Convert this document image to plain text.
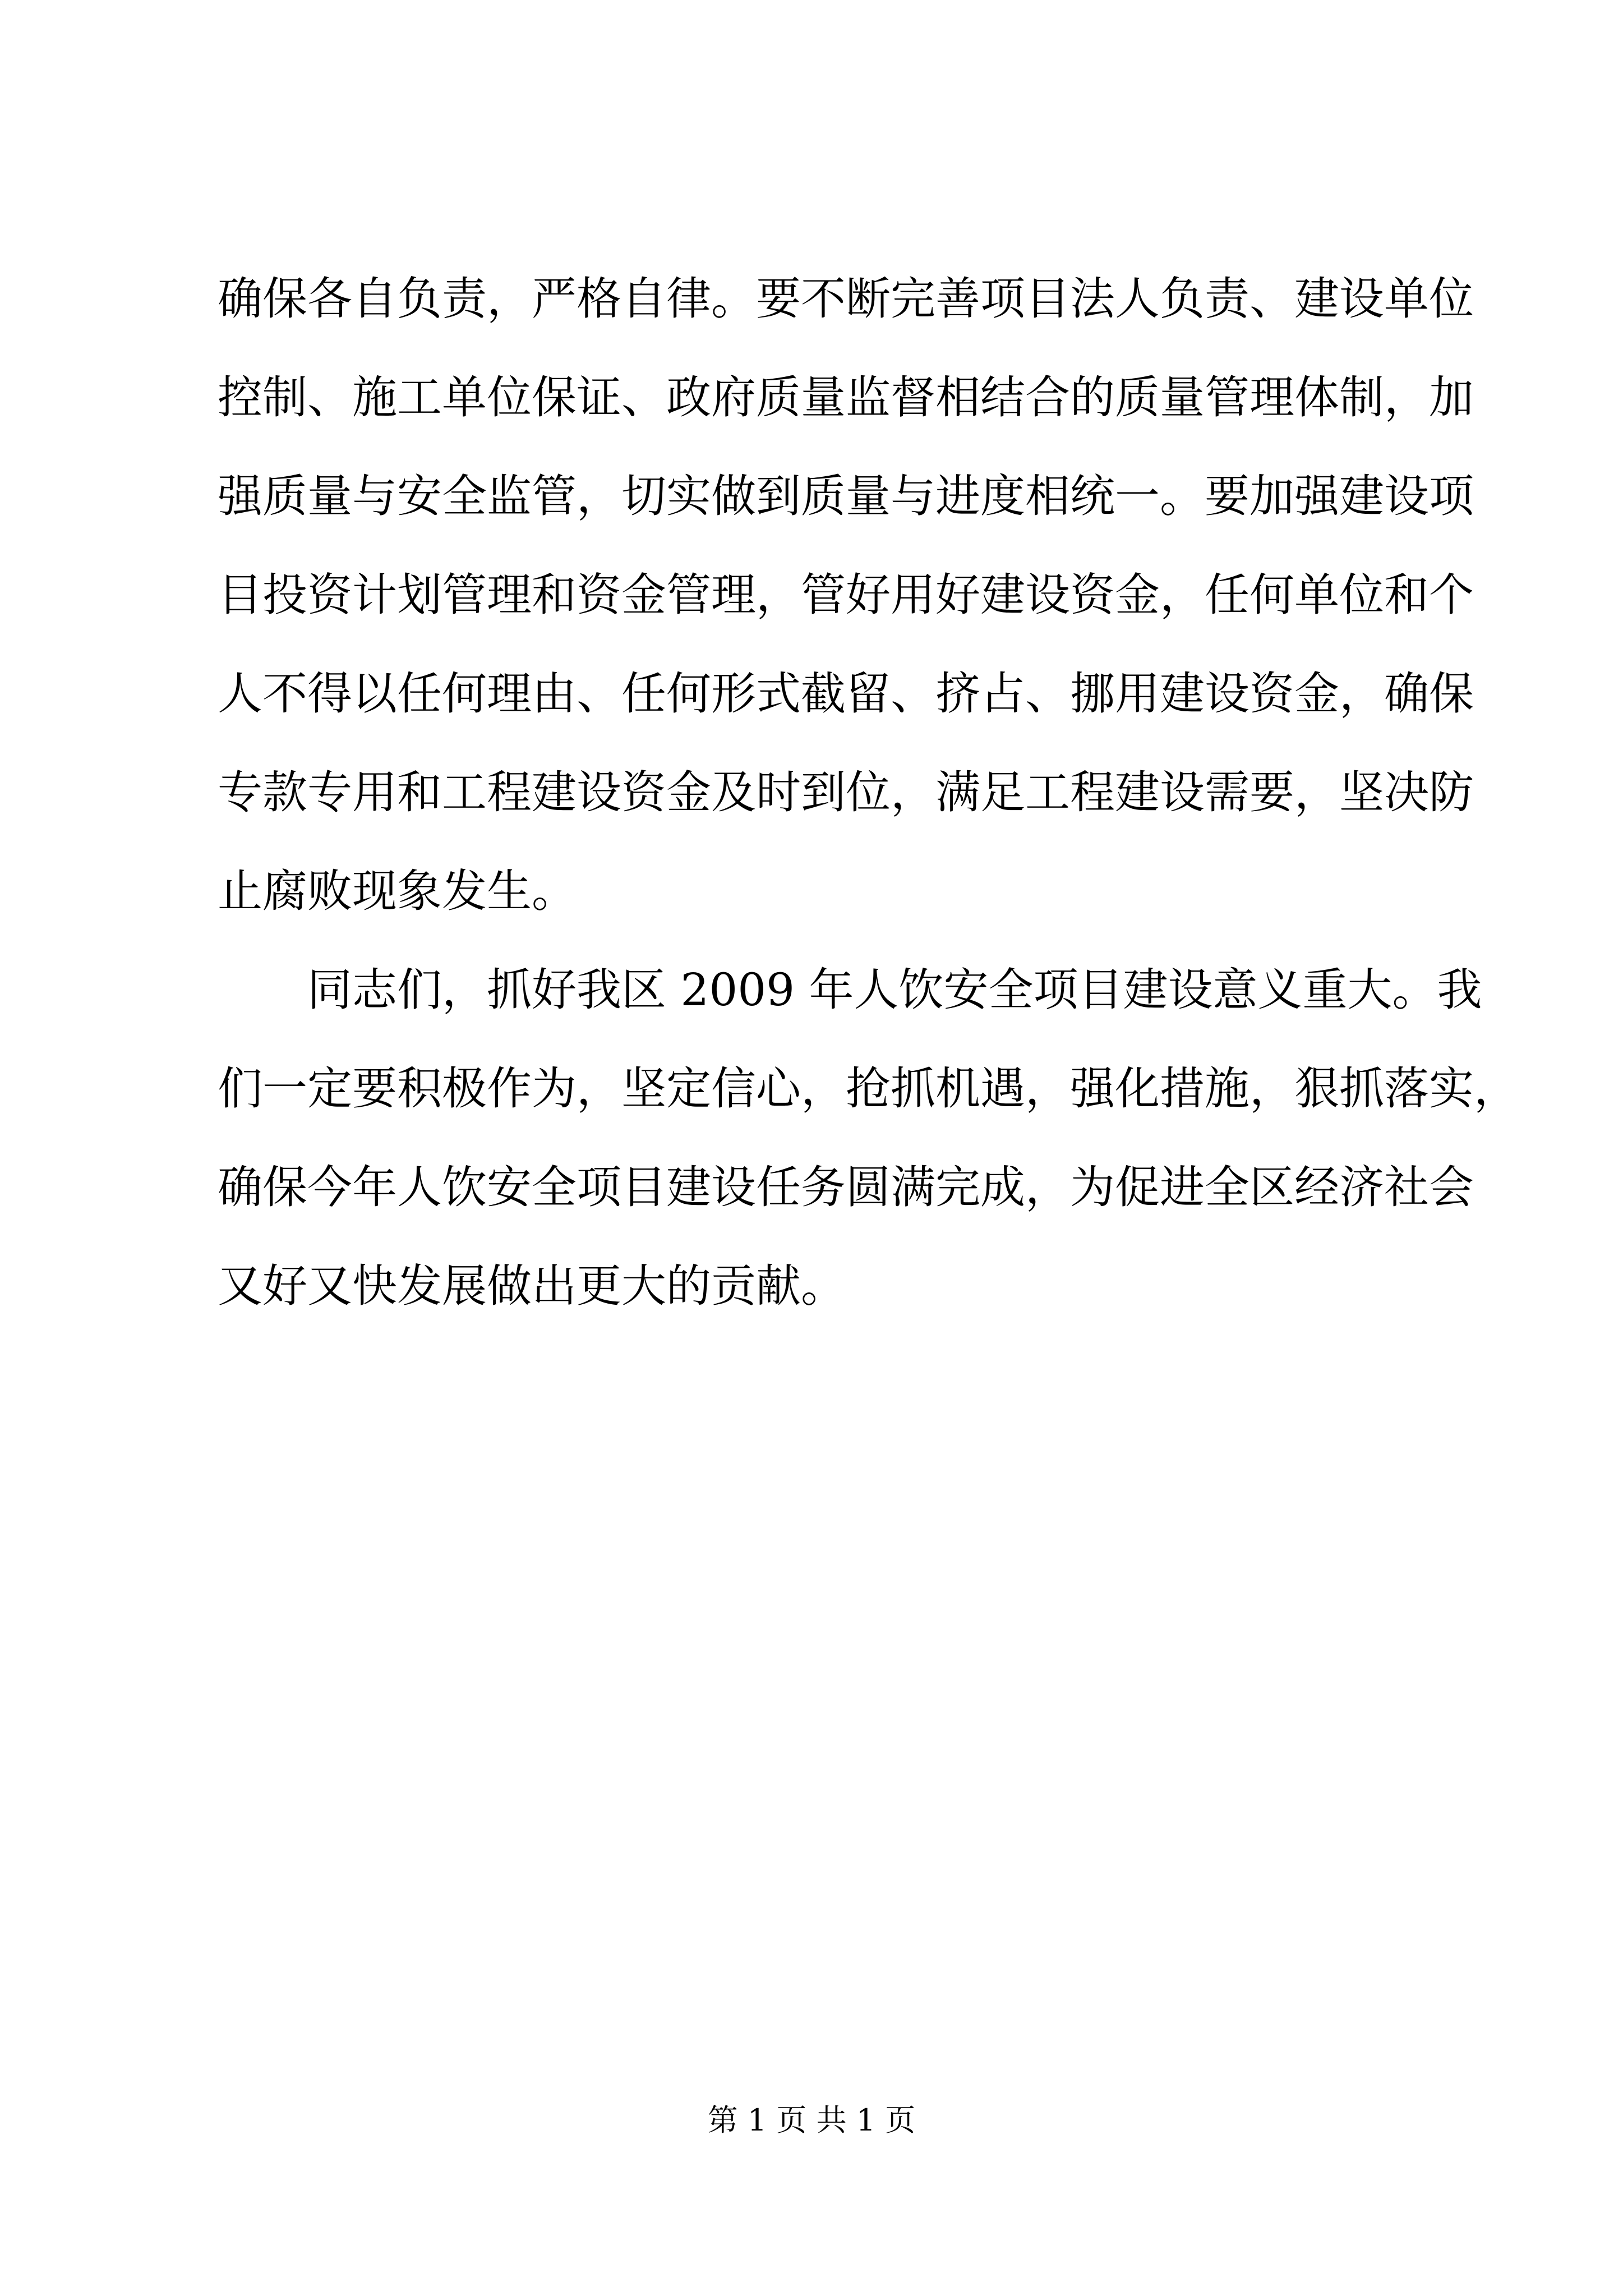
确保各自负责，严格自律。要不断完善项目法人负责、建设单位
控制、施工单位保证、政府质量监督相结合的质量管理体制，加
强质量与安全监管，切实做到质量与进度相统一。要加强建设项
目投资计划管理和资金管理，管好用好建设资金，任何单位和个
人不得以任何理由、任何形式截留、挤占、挪用建设资金，确保
专款专用和工程建设资金及时到位，满足工程建设需要，坚决防
止腐败现象发生。
同志们，抓好我区 2009 年人饮安全项目建设意义重大。我
们一定要积极作为，坚定信心，抢抓机遇，强化措施，狠抓落实，
确保今年人饮安全项目建设任务圆满完成，为促进全区经济社会
又好又快发展做出更大的贡献。
第 1 页 共 1 页
